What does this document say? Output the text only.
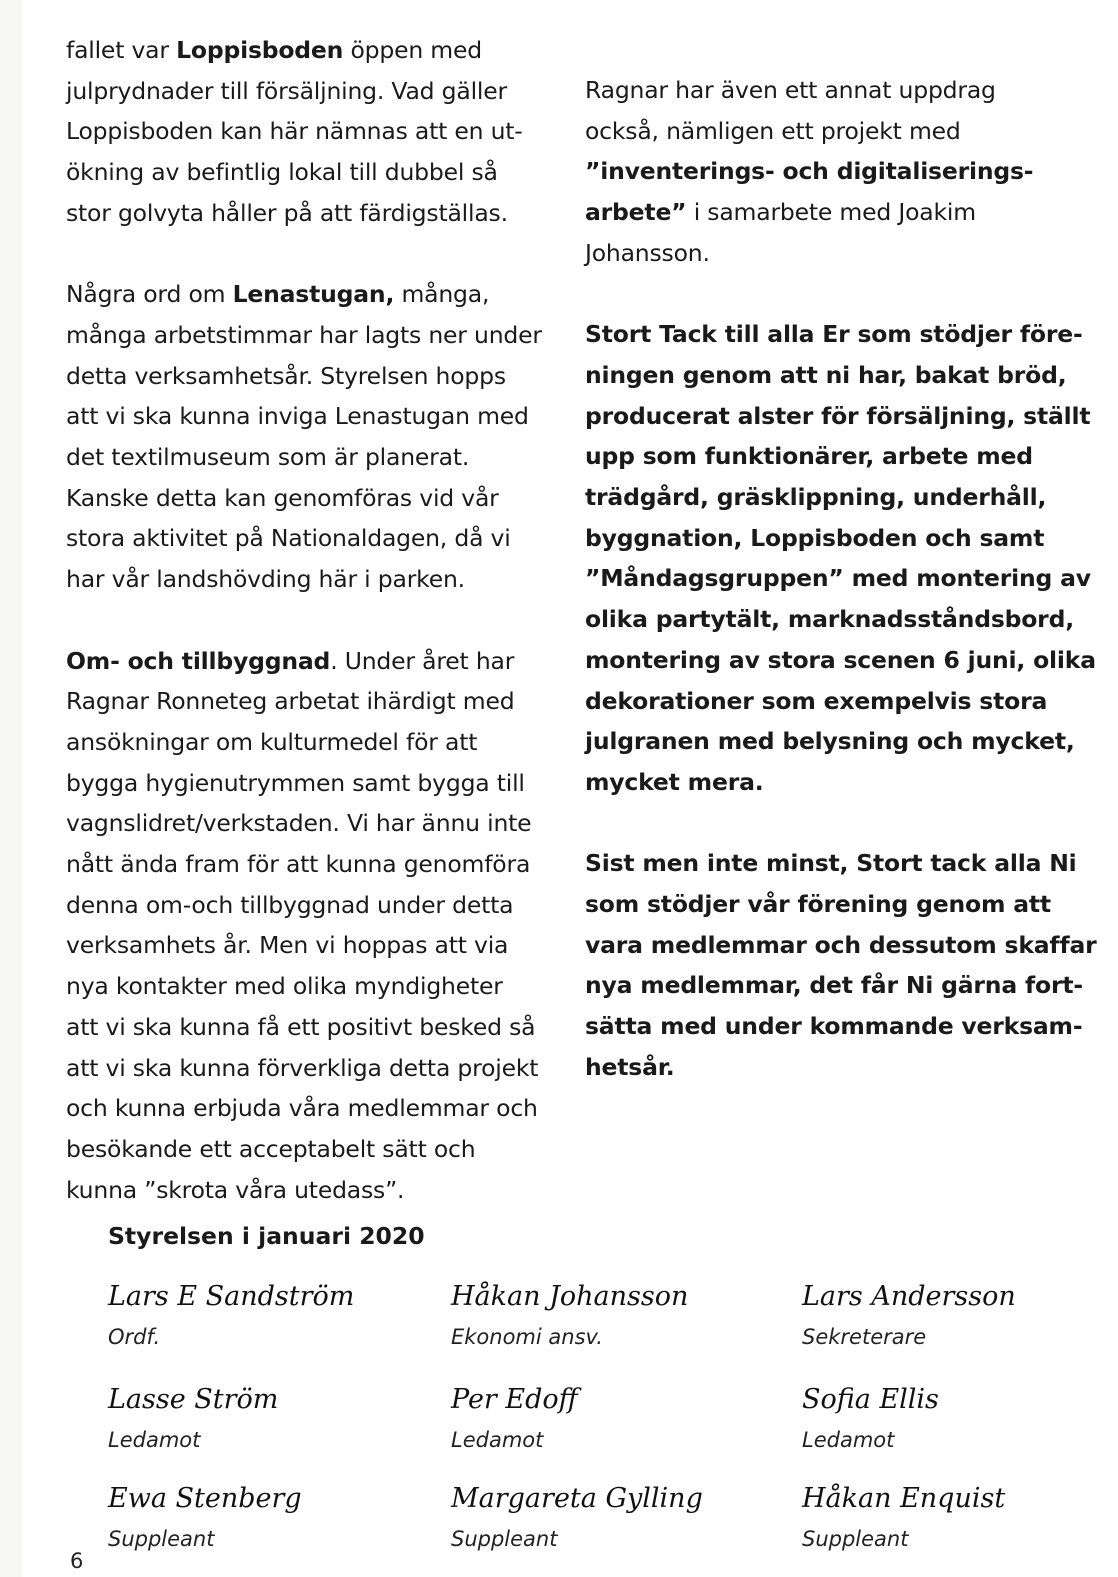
fallet var Loppisboden öppen med
julprydnader till försäljning. Vad gäller
Loppisboden kan här nämnas att en ut-
ökning av befintlig lokal till dubbel så
stor golvyta håller på att färdigställas.

Några ord om Lenastugan, många,
många arbetstimmar har lagts ner under
detta verksamhetsår. Styrelsen hopps
att vi ska kunna inviga Lenastugan med
det textilmuseum som är planerat.
Kanske detta kan genomföras vid vår
stora aktivitet på Nationaldagen, då vi
har vår landshövding här i parken.

Om- och tillbyggnad. Under året har
Ragnar Ronneteg arbetat ihärdigt med
ansökningar om kulturmedel för att
bygga hygienutrymmen samt bygga till
vagnslidret/verkstaden. Vi har ännu inte
nått ända fram för att kunna genomföra
denna om-och tillbyggnad under detta
verksamhets år. Men vi hoppas att via
nya kontakter med olika myndigheter
att vi ska kunna få ett positivt besked så
att vi ska kunna förverkliga detta projekt
och kunna erbjuda våra medlemmar och
besökande ett acceptabelt sätt och
kunna ”skrota våra utedass”.

Ragnar har även ett annat uppdrag
också, nämligen ett projekt med
”inventerings- och digitaliserings-
arbete” i samarbete med Joakim
Johansson.

Stort Tack till alla Er som stödjer före-
ningen genom att ni har, bakat bröd,
producerat alster för försäljning, ställt
upp som funktionärer, arbete med
trädgård, gräsklippning, underhåll,
byggnation, Loppisboden och samt
”Måndagsgruppen” med montering av
olika partytält, marknadsståndsbord,
montering av stora scenen 6 juni, olika
dekorationer som exempelvis stora
julgranen med belysning och mycket,
mycket mera.

Sist men inte minst, Stort tack alla Ni
som stödjer vår förening genom att
vara medlemmar och dessutom skaffar
nya medlemmar, det får Ni gärna fort-
sätta med under kommande verksam-
hetsår.

Styrelsen i januari 2020
Lars E Sandström
Ordf.
Håkan Johansson
Ekonomi ansv.
Lars Andersson
Sekreterare
Lasse Ström
Ledamot
Per Edoff
Ledamot
Sofia Ellis
Ledamot
Ewa Stenberg
Suppleant
Margareta Gylling
Suppleant
Håkan Enquist
Suppleant
6
